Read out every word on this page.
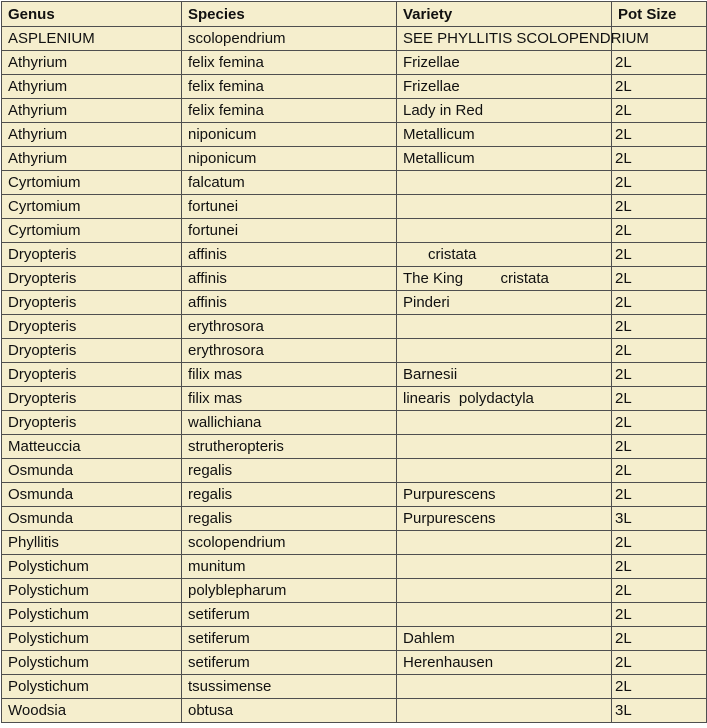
Genus	Species	Variety	Pot Size
ASPLENIUM	scolopendrium	SEE PHYLLITIS SCOLOPENDRIUM	
Athyrium	felix femina	Frizellae	2L
Athyrium	felix femina	Frizellae	2L
Athyrium	felix femina	Lady in Red	2L
Athyrium	niponicum	Metallicum	2L
Athyrium	niponicum	Metallicum	2L
Cyrtomium	falcatum		2L
Cyrtomium	fortunei		2L
Cyrtomium	fortunei		2L
Dryopteris	affinis	cristata	2L
Dryopteris	affinis	The King         cristata	2L
Dryopteris	affinis	Pinderi	2L
Dryopteris	erythrosora		2L
Dryopteris	erythrosora		2L
Dryopteris	filix mas	Barnesii	2L
Dryopteris	filix mas	linearis  polydactyla	2L
Dryopteris	wallichiana		2L
Matteuccia	strutheropteris		2L
Osmunda	regalis		2L
Osmunda	regalis	Purpurescens	2L
Osmunda	regalis	Purpurescens	3L
Phyllitis	scolopendrium		2L
Polystichum	munitum		2L
Polystichum	polyblepharum		2L
Polystichum	setiferum		2L
Polystichum	setiferum	Dahlem	2L
Polystichum	setiferum	Herenhausen	2L
Polystichum	tsussimense		2L
Woodsia	obtusa		3L
